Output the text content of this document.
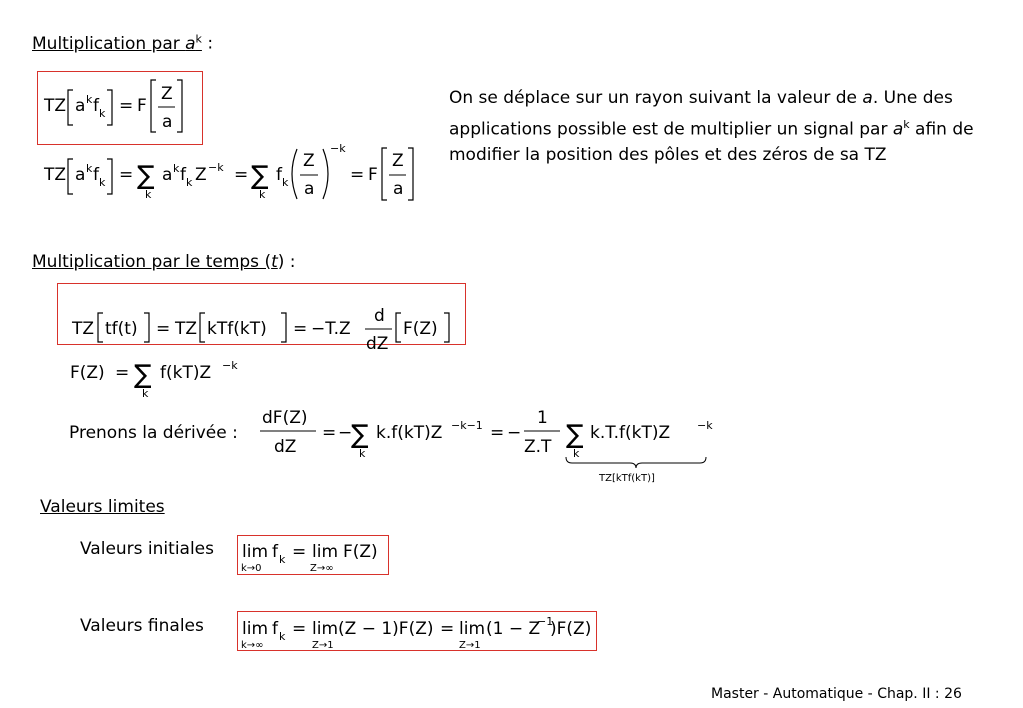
Multiplication par $a^k$ :
On se déplace sur un rayon suivant la valeur de a. Une des applications possible est de multiplier un signal par $a^k$ afin de modifier la position des pôles et des zéros de sa TZ
Multiplication par le temps (t) :
Prenons la dérivée :
Valeurs limites
Valeurs initiales
Valeurs finales
Master - Automatique - Chap. II : 26
TZ a k f k = F
Z
a
TZ a k f k = ∑
k
a k f k Z −k = ∑
k
f k
Z
a
−k
= F
Z
a
TZ tf(t) = TZ kTf(kT) = −T.Z
d
dZ
F(Z)
F(Z) = ∑
k
f(kT)Z −k
dF(Z)
dZ
= −
∑
k
k.f(kT)Z −k−1 = −
1
Z.T ∑
k
k.T.f(kT)Z −k
TZ[kTf(kT)]
lim
k→0
f k = lim
Z→∞
F(Z)
lim
k→∞
f k = lim(Z − 1)F(Z)
Z→1
= lim
Z→1
(1 − Z
−1
)F(Z)
